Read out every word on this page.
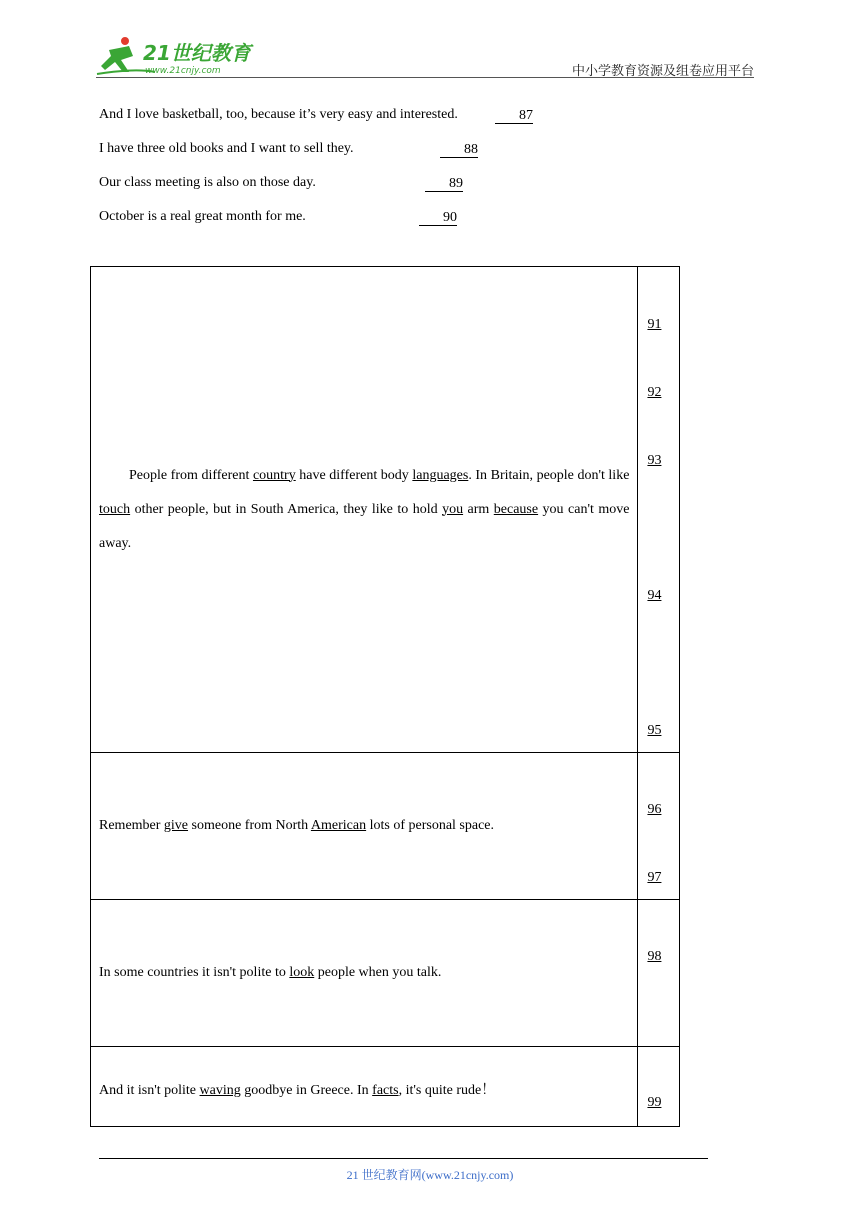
21世纪教育
www.21cnjy.com	中小学教育资源及组卷应用平台
And I love basketball, too, because it’s very easy and interested.	87
I have three old books and I want to sell they.	88
Our class meeting is also on those day.	89
October is a real great month for me.	90
People from different country have different body languages. In Britain, people don't like touch other people, but in South America, they like to hold you arm because you can't move away.	91
92
93
94
95

Remember give someone from North American lots of personal space.	96
97

In some countries it isn't polite to look people when you talk.	98

And it isn't polite waving goodbye in Greece. In facts, it's quite rude！	99
21 世纪教育网(www.21cnjy.com)
